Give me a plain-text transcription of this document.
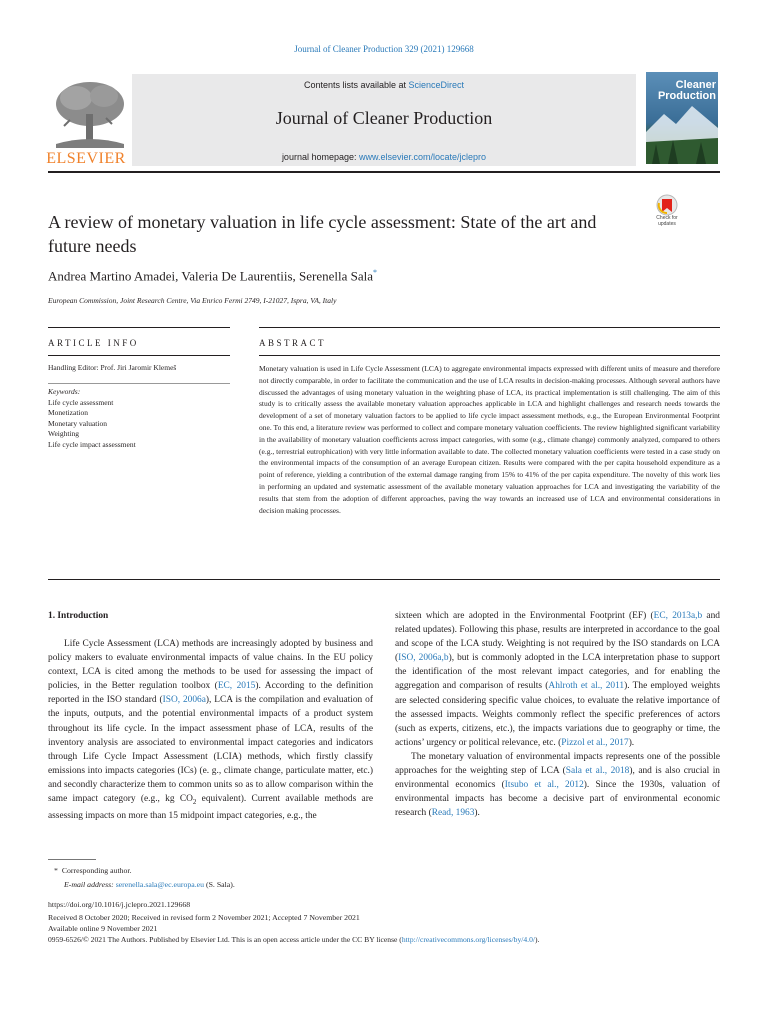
Journal of Cleaner Production 329 (2021) 129668
Contents lists available at ScienceDirect
Journal of Cleaner Production
journal homepage: www.elsevier.com/locate/jclepro
ELSEVIER
Cleaner Production
A review of monetary valuation in life cycle assessment: State of the art and future needs
Check for updates
Andrea Martino Amadei, Valeria De Laurentiis, Serenella Sala*
European Commission, Joint Research Centre, Via Enrico Fermi 2749, I-21027, Ispra, VA, Italy
ARTICLE INFO
Handling Editor: Prof. Jiri Jaromir Klemeš
Keywords:
Life cycle assessment
Monetization
Monetary valuation
Weighting
Life cycle impact assessment
ABSTRACT
Monetary valuation is used in Life Cycle Assessment (LCA) to aggregate environmental impacts expressed with different units of measure and therefore not directly comparable, in order to facilitate the communication and the use of LCA results in decision-making processes. Although several authors have discussed the advantages of using monetary valuation in the weighting phase of LCA, its practical implementation is still challenging. The aim of this study is to critically assess the available monetary valuation approaches applicable in LCA and highlight challenges and research needs towards the development of a set of monetary valuation factors to be applied to life cycle impact assessment methods, e.g., the European Environmental Footprint one. To this end, a literature review was performed to collect and compare monetary valuation coefficients. The review highlighted significant variability in the availability of monetary valuation coefficients across impact categories, with some (e.g., climate change) commonly analyzed, compared to others (e.g., terrestrial eutrophication) with very little information available to date. The collected monetary valuation coefficients were tested in a case study on the environmental impacts of the consumption of an average European citizen. Results were compared with the per capita household expenditure as a point of reference, yielding a contribution of the external damage ranging from 15% to 41% of the per capita expenditure. The novelty of this work lies in performing an updated and systematic assessment of the available monetary valuation approaches for LCA and investigating the variability of the results that stem from the adoption of different approaches, paving the way towards an increased use of LCA and environmental considerations in decision making processes.
1. Introduction
Life Cycle Assessment (LCA) methods are increasingly adopted by business and policy makers to evaluate environmental impacts of value chains. In the EU policy context, LCA is cited among the methods to be used for assessing the impact of policies, in the Better regulation toolbox (EC, 2015). According to the definition reported in the ISO standard (ISO, 2006a), LCA is the compilation and evaluation of the inputs, outputs, and the potential environmental impacts of a product system throughout its life cycle. In the impact assessment phase of LCA, results of the inventory analysis are associated to environmental impact categories and indicators through Life Cycle Impact Assessment (LCIA) methods, which firstly classify emissions into impacts categories (ICs) (e. g., climate change, particulate matter, etc.) and secondly characterize them to common units so as to allow comparison within the same impact category (e.g., kg $CO_2$ equivalent). Current available methods are assessing impacts on more than 15 midpoint impact categories, e.g., the
sixteen which are adopted in the Environmental Footprint (EF) (EC, 2013a,b and related updates). Following this phase, results are interpreted in accordance to the goal and scope of the LCA study. Weighting is not required by the ISO standards on LCA (ISO, 2006a,b), but is commonly adopted in the LCA interpretation phase to support the identification of the most relevant impact categories, and for enabling the aggregation and comparison of results (Ahlroth et al., 2011). The employed weights are selected considering specific value choices, to evaluate the relative importance of the assessed impacts. Weights commonly reflect the specific preferences of actors (such as experts, citizens, etc.), the impacts variations due to geography or time, the actions’ urgency or political relevance, etc. (Pizzol et al., 2017).
The monetary valuation of environmental impacts represents one of the possible approaches for the weighting step of LCA (Sala et al., 2018), and is also crucial in environmental economics (Itsubo et al., 2012). Since the 1930s, valuation of environmental impacts has become a decisive part of environmental economic research (Read, 1963).
* Corresponding author.
E-mail address: serenella.sala@ec.europa.eu (S. Sala).
https://doi.org/10.1016/j.jclepro.2021.129668
Received 8 October 2020; Received in revised form 2 November 2021; Accepted 7 November 2021
Available online 9 November 2021
0959-6526/© 2021 The Authors. Published by Elsevier Ltd. This is an open access article under the CC BY license (http://creativecommons.org/licenses/by/4.0/).
